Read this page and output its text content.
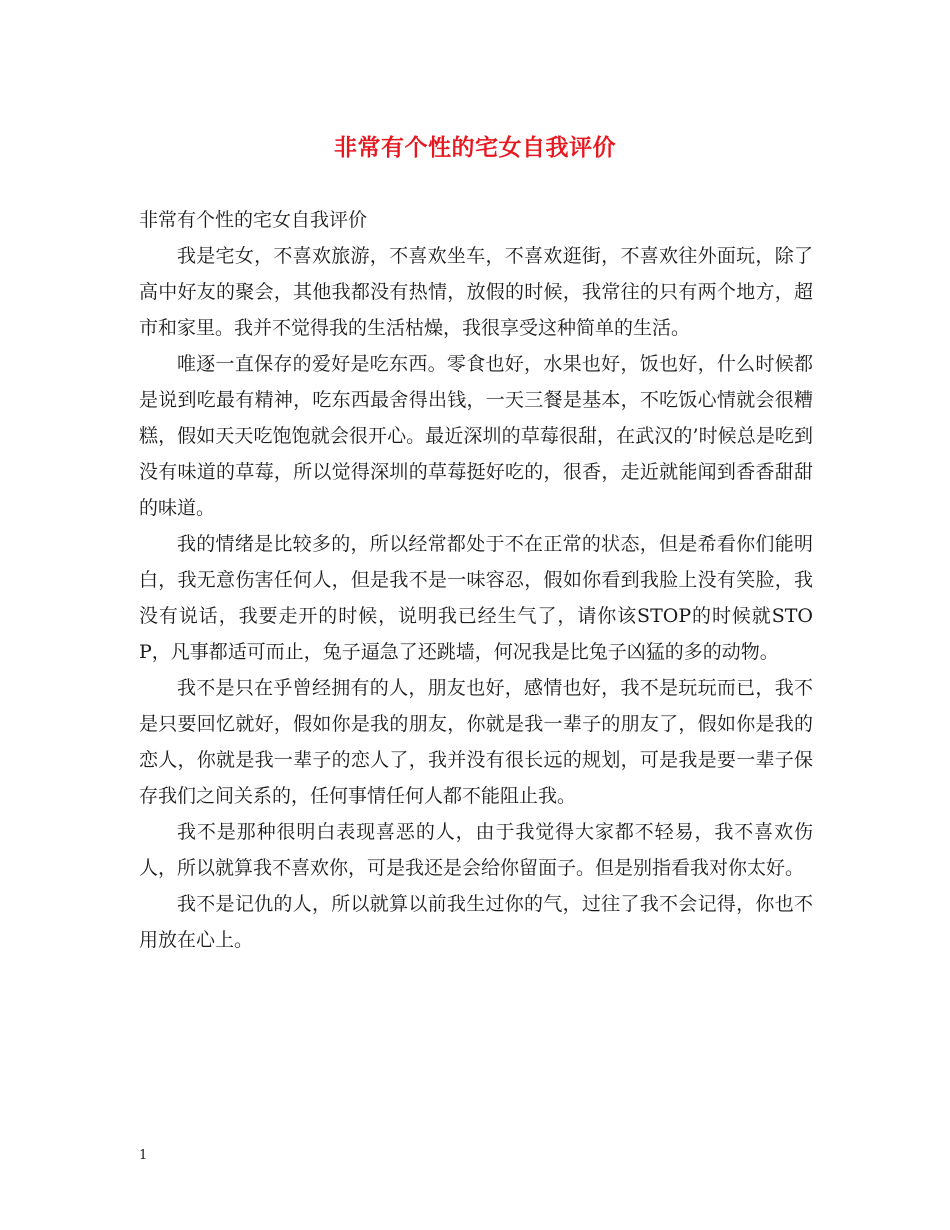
非常有个性的宅女自我评价

非常有个性的宅女自我评价

我是宅女，不喜欢旅游，不喜欢坐车，不喜欢逛街，不喜欢往外面玩，除了高中好友的聚会，其他我都没有热情，放假的时候，我常往的只有两个地方，超市和家里。我并不觉得我的生活枯燥，我很享受这种简单的生活。

唯逐一直保存的爱好是吃东西。零食也好，水果也好，饭也好，什么时候都是说到吃最有精神，吃东西最舍得出钱，一天三餐是基本，不吃饭心情就会很糟糕，假如天天吃饱饱就会很开心。最近深圳的草莓很甜，在武汉的’时候总是吃到没有味道的草莓，所以觉得深圳的草莓挺好吃的，很香，走近就能闻到香香甜甜的味道。

我的情绪是比较多的，所以经常都处于不在正常的状态，但是希看你们能明白，我无意伤害任何人，但是我不是一味容忍，假如你看到我脸上没有笑脸，我没有说话，我要走开的时候，说明我已经生气了，请你该STOP的时候就STOP，凡事都适可而止，兔子逼急了还跳墙，何况我是比兔子凶猛的多的动物。

我不是只在乎曾经拥有的人，朋友也好，感情也好，我不是玩玩而已，我不是只要回忆就好，假如你是我的朋友，你就是我一辈子的朋友了，假如你是我的恋人，你就是我一辈子的恋人了，我并没有很长远的规划，可是我是要一辈子保存我们之间关系的，任何事情任何人都不能阻止我。

我不是那种很明白表现喜恶的人，由于我觉得大家都不轻易，我不喜欢伤人，所以就算我不喜欢你，可是我还是会给你留面子。但是别指看我对你太好。

我不是记仇的人，所以就算以前我生过你的气，过往了我不会记得，你也不用放在心上。

1
